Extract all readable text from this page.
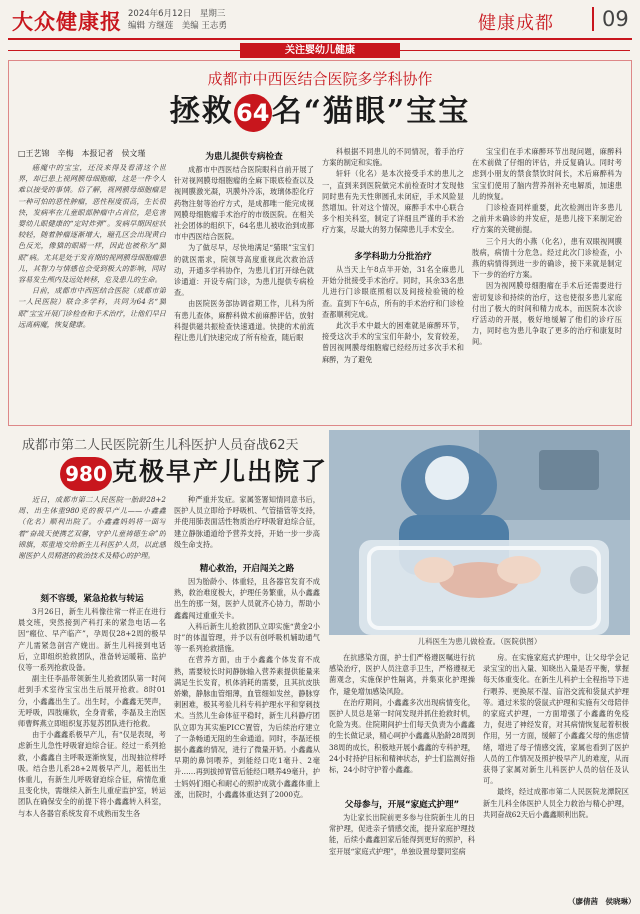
大众健康报 2024年6月12日　星期三
编辑 方继莲　美编 王志勇	健康成都	09
关注婴幼儿健康
成都市中西医结合医院多学科协作
拯救64名“猫眼”宝宝
□王艺锦　辛梅　本报记者　侯文瑾

癌魔中的宝宝，还没来得及看清这个世界，却已患上视网膜母细胞瘤，这是一件令人难以接受的事情。俗了解，视网膜母细胞瘤是一种可怕的恶性肿瘤，恶性程度很高，生长很快，发病率在儿童眼部肿瘤中占首位，是危害婴幼儿眼健康的“定时炸弹”。发病早期因症状较轻，随着肿瘤逐渐增大，瞳孔区会出现黄白色反光，像猫的眼睛一样，因此也被称为“猫眼”病。尤其是处于发育期的视网膜母细胞瘤患儿，其智力与情感也会受到极大的影响，同时容易发生颅内及远处转移，危及患儿的生命。

日前，成都市中西医结合医院（成都市第一人民医院）联合多学科，共同为64名“猫眼”宝宝开展门诊检查和手术治疗，让他们早日远离病魔，恢复健康。

为患儿提供专病检查

成都市中西医结合医院眼科自前开展了针对视网膜母细胞瘤的全麻下眼底检查以及视网膜激光凝，巩膜外冷冻，玻璃体腔化疗药物注射等治疗方式，是成都唯一能完成视网膜母细胞瘤手术治疗的市级医院。在相关社会团体的组织下，64名患儿被收治到成都市中西医结合医院。

为了做尽早，尽快地满足“猫眼”宝宝们的就医需求，院领导高度重视此次救治活动，开通多学科协作，为患儿们打开绿色就诊通道：开设专病门诊，为患儿提供专病检查。

由医院医务部协调省期工作，儿科为所有患儿查体，麻醉科做术前麻醉评估，放射科提供磁共振检查快速通道。快捷的术前流程让患儿们快速完成了所有检查，随后眼

科根据不同患儿的不同情况，着手治疗方案的制定和实施。

轩轩（化名）是本次接受手术的患儿之一，直到来到医院做完术前检查时才发现他同时患有先天性卵圆孔未闭症，手术风险显然增加。针对这个情况，麻醉手术中心联合多个相关科室，制定了详细且严谨的手术治疗方案，尽最大的努力保障患儿手术安全。

多学科助力分批治疗

从当天上午8点半开始，31名全麻患儿开始分批接受手术治疗。同时，其余33名患儿进行门诊眼底照相以及间接检验镜的检查。直到下午6点，所有的手术治疗和门诊检查都顺利完成。

此次手术中最大的困难就是麻醉环节，接受这次手术的宝宝们年龄小，发育较差，曾因视网膜母细胞瘤已经经历过多次手术和麻醉，为了避免

宝宝们在手术麻醉环节出现问题，麻醉科在术前做了仔细的评估，并反复确认。同时考虑到小朋友的禁食禁饮时间长，术后麻醉科为宝宝们使用了脑内营养剂补充电解质，加速患儿的恢复。

门诊检查同样重要，此次检测出许多患儿之前并未确诊的并发症，是患儿接下来制定治疗方案的关键前提。

三个月大的小燕（化名），患有双眼视网膜肢病，病情十分危急。经过此次门诊检查，小燕的病情得到进一步的确诊，接下来就是制定下一步的治疗方案。

因为视网膜母细胞瘤在手术后还需要进行密切复诊和持续的治疗，这也使很多患儿家庭付出了极大的时间和精力成本，而医院本次诊疗活动的开展，极好地缓解了他们的诊疗压力，同时也为患儿争取了更多的治疗和康复时间。

成都市第二人民医院新生儿科医护人员奋战62天
980 克极早产儿出院了

近日，成都市第二人民医院一胎龄28+2周、出生体重980克的极早产儿——小鑫鑫（化名）顺利出院了。小鑫鑫妈妈将一面写着“奋战天使携艺双馨，守护儿童祷德生命”的锦旗，郑重地交给新生儿科医护人员，以此感谢医护人员精湛的救治技术及精心的护理。

刻不容缓，紧急抢救与转运

3月26日，新生儿科像往常一样正在进行晨交班，突然接到产科打来的紧急电话—名因“瘢位、早产临产”，孕周仅28+2周的极早产儿需紧急剖宫产娩出。新生儿科接到电话后，立即组织抢救团队，准备转运暖箱、监护仪等一系列抢救设备。

副主任李晶带领新生儿抢救团队第一时间赶到手术室待宝宝出生后展开抢救。8时01分，小鑫鑫出生了。出生时，小鑫鑫无哭声，无呼吸，四肢瘫软，全身青紫，李磊及主治医师曹辉燕立即组织复苏复苏团队进行抢救。

由于小鑫鑫系极早产儿，有“仅是表现，考虑新生儿急性呼吸窘迫综合征。经过一系列抢救，小鑫鑫自主呼吸逐渐恢复，出现抽泣样呼吸。结合患儿系28+2周极早产儿，超低出生体重儿，有新生儿呼吸窘迫综合征，病情危重且变化快，需继续入新生儿重症监护室，转运团队在确保安全的前提下将小鑫鑫转入科室，与本人各器官系统发育不成熟而发生各

种严重并发症。家属签署知情同意书后，医护人员立即给予呼吸机、气管插管等支持，并使用肺表面活性物质治疗呼吸窘迫综合征，建立静脉通道给予营养支持，开始一步一步高级生命支持。

精心救治，开启闯关之路

因为胎龄小、体重轻，且各器官发育不成熟，救治难度极大，护理任务繁重，从小鑫鑫出生的那一刻，医护人员就齐心协力，帮助小鑫鑫闯过重重关卡。

入科后新生儿抢救团队立即实施“黄金2小时”的体温管理，并予以有创呼吸机辅助通气等一系列抢救措施。

在营养方面，由于小鑫鑫个体发育不成熟，需要较长时间静脉输入营养素提供能量来满足生长发育，机体消耗的需要，且其抗皮肤娇嫩，静脉血管细薄，血管细如发丝，静脉穿刺困难，极其考验儿科专科护理水平和穿刺技术。当然儿生命体征平稳时，新生儿科静疗团队立即为其实施PICC置管，为后续治疗建立了一条畅通无阻的生命通道。同时，李磊还根据小鑫鑫的情况，进行了微量开奶。小鑫鑫从早期的鼻饲喂养，到能经口吃1毫升、2毫升……再到拔掉胃管后能经口喂养49毫升，护士妈妈们细心和耐心的照护成就小鑫鑫体重上涨，出院时，小鑫鑫体重达到了2000克。

儿科医生为患儿做检查。（医院供图）

在抗感染方面，护士们严格遵医嘱进行抗感染治疗，医护人员注意手卫生，严格遵视无菌观念，实施保护性隔离，并集束化护理操作，避免增加感染风险。

在治疗期间，小鑫鑫多次出现病情变化，医护人员总是第一时间发现并抓住抢救时机，化险为夷。住院期间护士们每天负责为小鑫鑫的生长做记录，精心呵护小鑫鑫从胎龄28周到38周的成长，积极地开展小鑫鑫的专科护理，24小时持护目标和精神状态，护士们监测好指标，24小时守护着小鑫鑫。

父母参与，开展“家庭式护理”

为让家长出院前更多参与住院新生儿的日常护理，促进亲子情感交流，提升家庭护理技能，后续小鑫鑫回家后能得到更好的照护，科室开展“家庭式护理”，单独设置母婴同室病

房。在实施家庭式护理中，让父母学会记录宝宝的出入量、知晓出入量是否平衡，掌握每天体重变化。在新生儿科护士全程指导下进行喂养、更换尿不湿、盲浴交流和袋鼠式护理等。通过米浆的袋鼠式护理和实施有父母陪伴的家庭式护理，一方面增强了小鑫鑫的免疫力，促进了神经发育，对其病情恢复起着积极作用，另一方面，缓解了小鑫鑫父母的焦虑情绪，增进了母子情感交流，家属也看到了医护人员的工作情况及照护极早产儿的难度，从而获得了家属对新生儿科医护人员的信任及认可。

最终，经过成都市第二人民医院龙潭院区新生儿科全体医护人员全力救治与精心护理，共同奋战62天后小鑫鑫顺利出院。

（廖倩茜　侯晓琳）
